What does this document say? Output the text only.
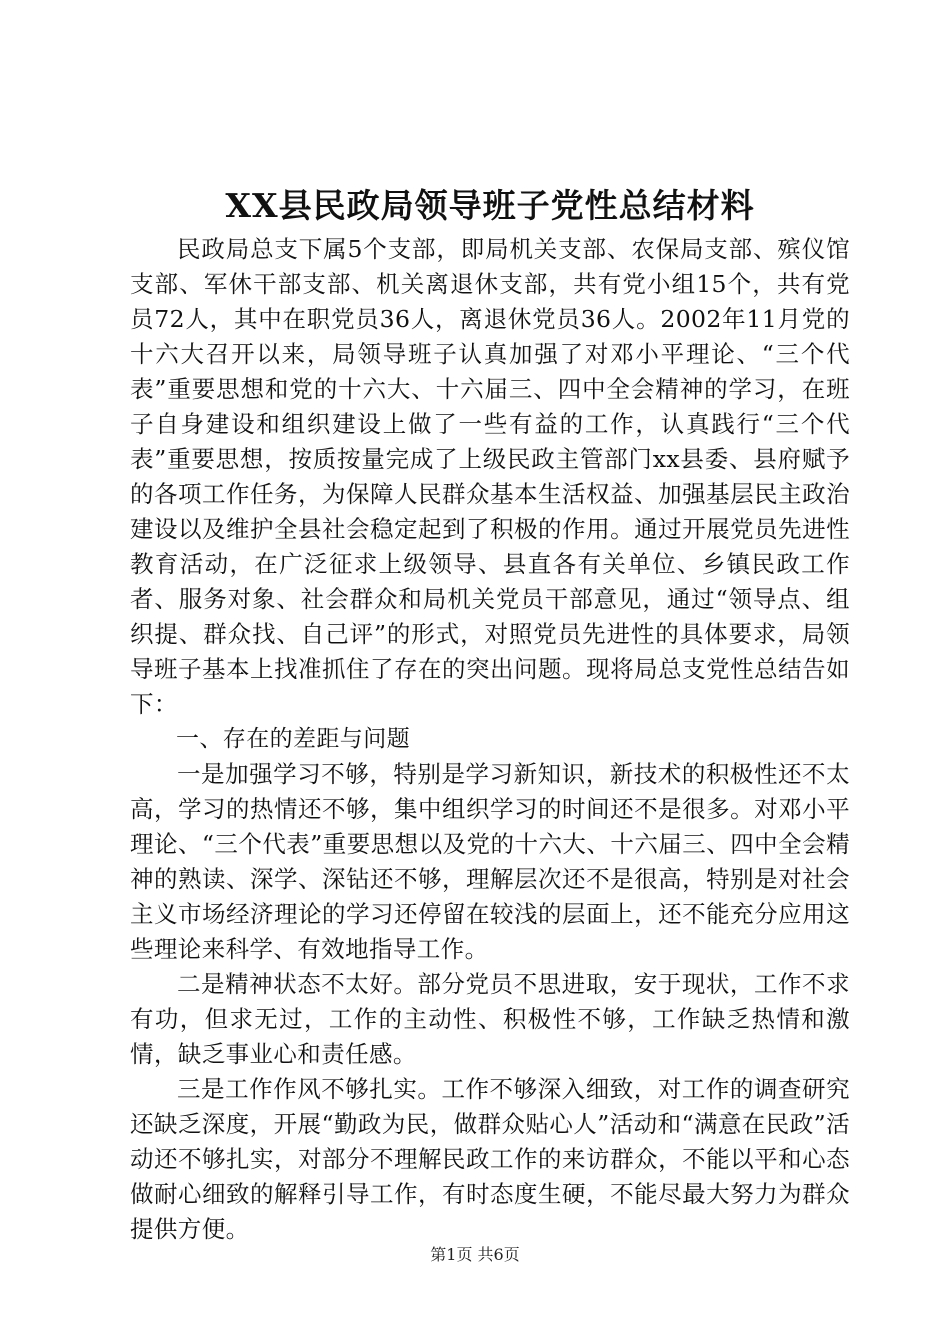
XX县民政局领导班子党性总结材料

民政局总支下属5个支部，即局机关支部、农保局支部、殡仪馆支部、军休干部支部、机关离退休支部，共有党小组15个，共有党员72人，其中在职党员36人，离退休党员36人。2002年11月党的十六大召开以来，局领导班子认真加强了对邓小平理论、“三个代表”重要思想和党的十六大、十六届三、四中全会精神的学习，在班子自身建设和组织建设上做了一些有益的工作，认真践行“三个代表”重要思想，按质按量完成了上级民政主管部门xx县委、县府赋予的各项工作任务，为保障人民群众基本生活权益、加强基层民主政治建设以及维护全县社会稳定起到了积极的作用。通过开展党员先进性教育活动，在广泛征求上级领导、县直各有关单位、乡镇民政工作者、服务对象、社会群众和局机关党员干部意见，通过“领导点、组织提、群众找、自己评”的形式，对照党员先进性的具体要求，局领导班子基本上找准抓住了存在的突出问题。现将局总支党性总结告如下：

一、存在的差距与问题

一是加强学习不够，特别是学习新知识，新技术的积极性还不太高，学习的热情还不够，集中组织学习的时间还不是很多。对邓小平理论、“三个代表”重要思想以及党的十六大、十六届三、四中全会精神的熟读、深学、深钻还不够，理解层次还不是很高，特别是对社会主义市场经济理论的学习还停留在较浅的层面上，还不能充分应用这些理论来科学、有效地指导工作。

二是精神状态不太好。部分党员不思进取，安于现状，工作不求有功，但求无过，工作的主动性、积极性不够，工作缺乏热情和激情，缺乏事业心和责任感。

三是工作作风不够扎实。工作不够深入细致，对工作的调查研究还缺乏深度，开展“勤政为民，做群众贴心人”活动和“满意在民政”活动还不够扎实，对部分不理解民政工作的来访群众，不能以平和心态做耐心细致的解释引导工作，有时态度生硬，不能尽最大努力为群众提供方便。

第1页 共6页
